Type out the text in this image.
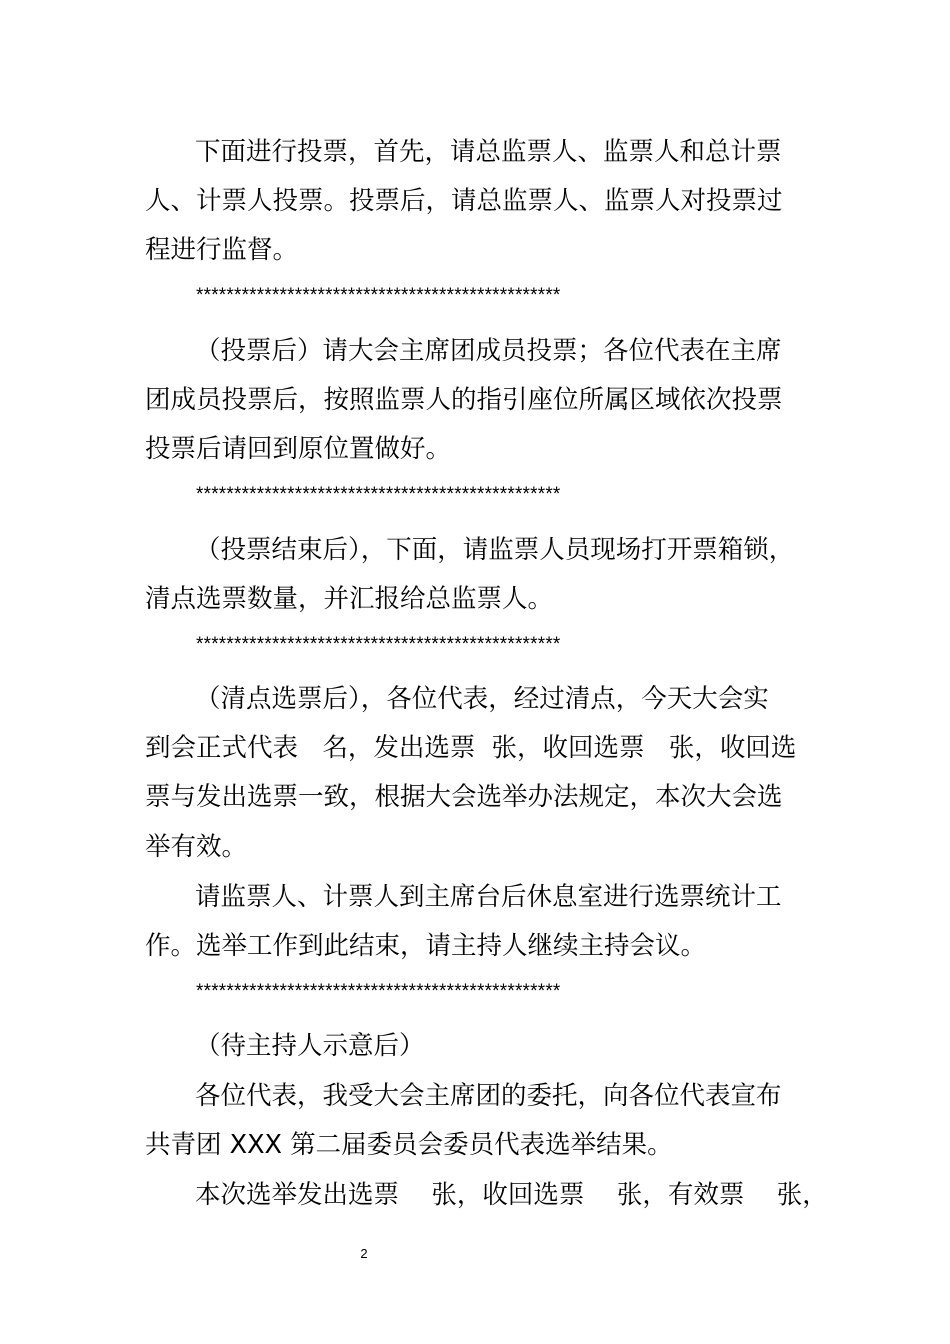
下面进行投票，首先，请总监票人、监票人和总计票
人、计票人投票。投票后，请总监票人、监票人对投票过
程进行监督。
************************************************
（投票后）请大会主席团成员投票；各位代表在主席
团成员投票后，按照监票人的指引座位所属区域依次投票
投票后请回到原位置做好。
************************************************
（投票结束后），下面，请监票人员现场打开票箱锁，
清点选票数量，并汇报给总监票人。
************************************************
（清点选票后），各位代表，经过清点，今天大会实
到会正式代表   名，发出选票  张，收回选票   张，收回选
票与发出选票一致，根据大会选举办法规定，本次大会选
举有效。
请监票人、计票人到主席台后休息室进行选票统计工
作。选举工作到此结束，请主持人继续主持会议。
************************************************
（待主持人示意后）
各位代表，我受大会主席团的委托，向各位代表宣布
共青团 XXX 第二届委员会委员代表选举结果。
本次选举发出选票    张，收回选票    张，有效票    张，
2
